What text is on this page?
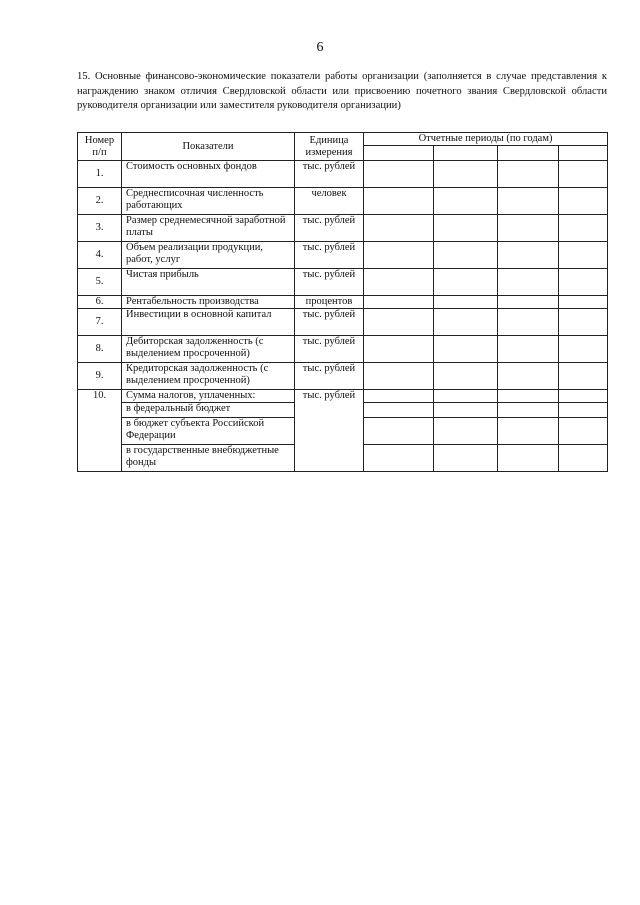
6
15. Основные финансово-экономические показатели работы организации (заполняется в случае представления к награждению знаком отличия Свердловской области или присвоению почетного звания Свердловской области руководителя организации или заместителя руководителя организации)
Номер п/п	Показатели	Единица измерения	Отчетные периоды (по годам)			

1.	Стоимость основных фондов	тыс. рублей				
2.	Среднесписочная численность работающих	человек				
3.	Размер среднемесячной заработной платы	тыс. рублей				
4.	Объем реализации продукции, работ, услуг	тыс. рублей				
5.	Чистая прибыль	тыс. рублей				
6.	Рентабельность производства	процентов				
7.	Инвестиции в основной капитал	тыс. рублей				
8.	Дебиторская задолженность (с выделением просроченной)	тыс. рублей				
9.	Кредиторская задолженность (с выделением просроченной)	тыс. рублей				
10.	Сумма налогов, уплаченных:	тыс. рублей				
	в федеральный бюджет					
	в бюджет субъекта Российской Федерации					
	в государственные внебюджетные фонды					
